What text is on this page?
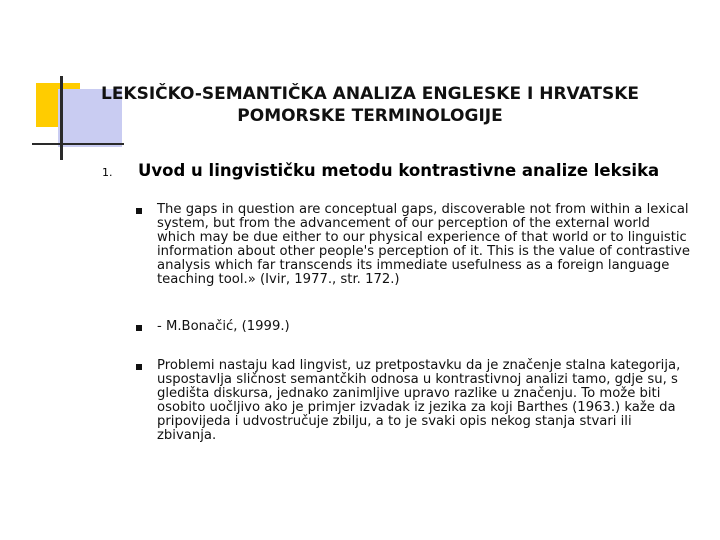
LEKSIČKO-SEMANTIČKA ANALIZA ENGLESKE I HRVATSKE
POMORSKE TERMINOLOGIJE
1. Uvod u lingvističku metodu kontrastivne analize leksika
The gaps in question are conceptual gaps, discoverable not from within a lexical system, but from the advancement of our perception of the external world which may be due either to our physical experience of that world or to linguistic information about other people's perception of it. This is the value of contrastive analysis which far transcends its immediate usefulness as a foreign language teaching tool.» (Ivir, 1977., str. 172.)
- M.Bonačić, (1999.)
Problemi nastaju kad lingvist, uz pretpostavku da je značenje stalna kategorija, uspostavlja sličnost semantčkih odnosa u kontrastivnoj analizi tamo, gdje su, s gledišta diskursa, jednako zanimljive upravo razlike u značenju. To može biti osobito uočljivo ako je primjer izvadak iz jezika za koji Barthes (1963.) kaže da pripovijeda i udvostručuje zbilju, a to je svaki opis nekog stanja stvari ili zbivanja.
